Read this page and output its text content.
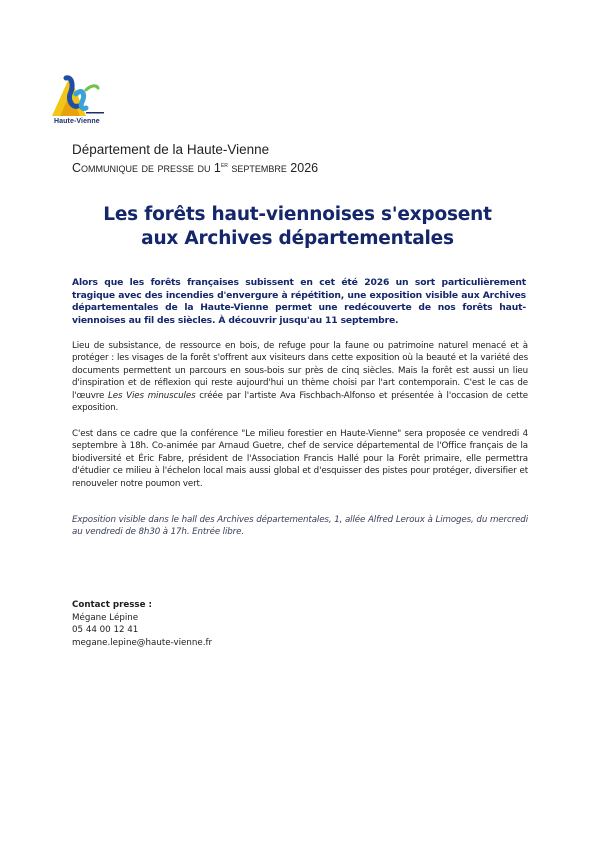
Haute-Vienne
Département de la Haute-Vienne
Communique de presse du 1er septembre 2026
Les forêts haut-viennoises s'exposent
aux Archives départementales
Alors que les forêts françaises subissent en cet été 2026 un sort particulièrement tragique avec des incendies d'envergure à répétition, une exposition visible aux Archives départementales de la Haute-Vienne permet une redécouverte de nos forêts haut-viennoises au fil des siècles. À découvrir jusqu'au 11 septembre.
Lieu de subsistance, de ressource en bois, de refuge pour la faune ou patrimoine naturel menacé et à protéger : les visages de la forêt s'offrent aux visiteurs dans cette exposition où la beauté et la variété des documents permettent un parcours en sous-bois sur près de cinq siècles. Mais la forêt est aussi un lieu d'inspiration et de réflexion qui reste aujourd'hui un thème choisi par l'art contemporain. C'est le cas de l'œuvre Les Vies minuscules créée par l'artiste Ava Fischbach-Alfonso et présentée à l'occasion de cette exposition.
C'est dans ce cadre que la conférence "Le milieu forestier en Haute-Vienne" sera proposée ce vendredi 4 septembre à 18h. Co-animée par Arnaud Guetre, chef de service départemental de l'Office français de la biodiversité et Éric Fabre, président de l'Association Francis Hallé pour la Forêt primaire, elle permettra d'étudier ce milieu à l'échelon local mais aussi global et d'esquisser des pistes pour protéger, diversifier et renouveler notre poumon vert.
Exposition visible dans le hall des Archives départementales, 1, allée Alfred Leroux à Limoges, du mercredi au vendredi de 8h30 à 17h. Entrée libre.
Contact presse :
Mégane Lépine
05 44 00 12 41
megane.lepine@haute-vienne.fr
